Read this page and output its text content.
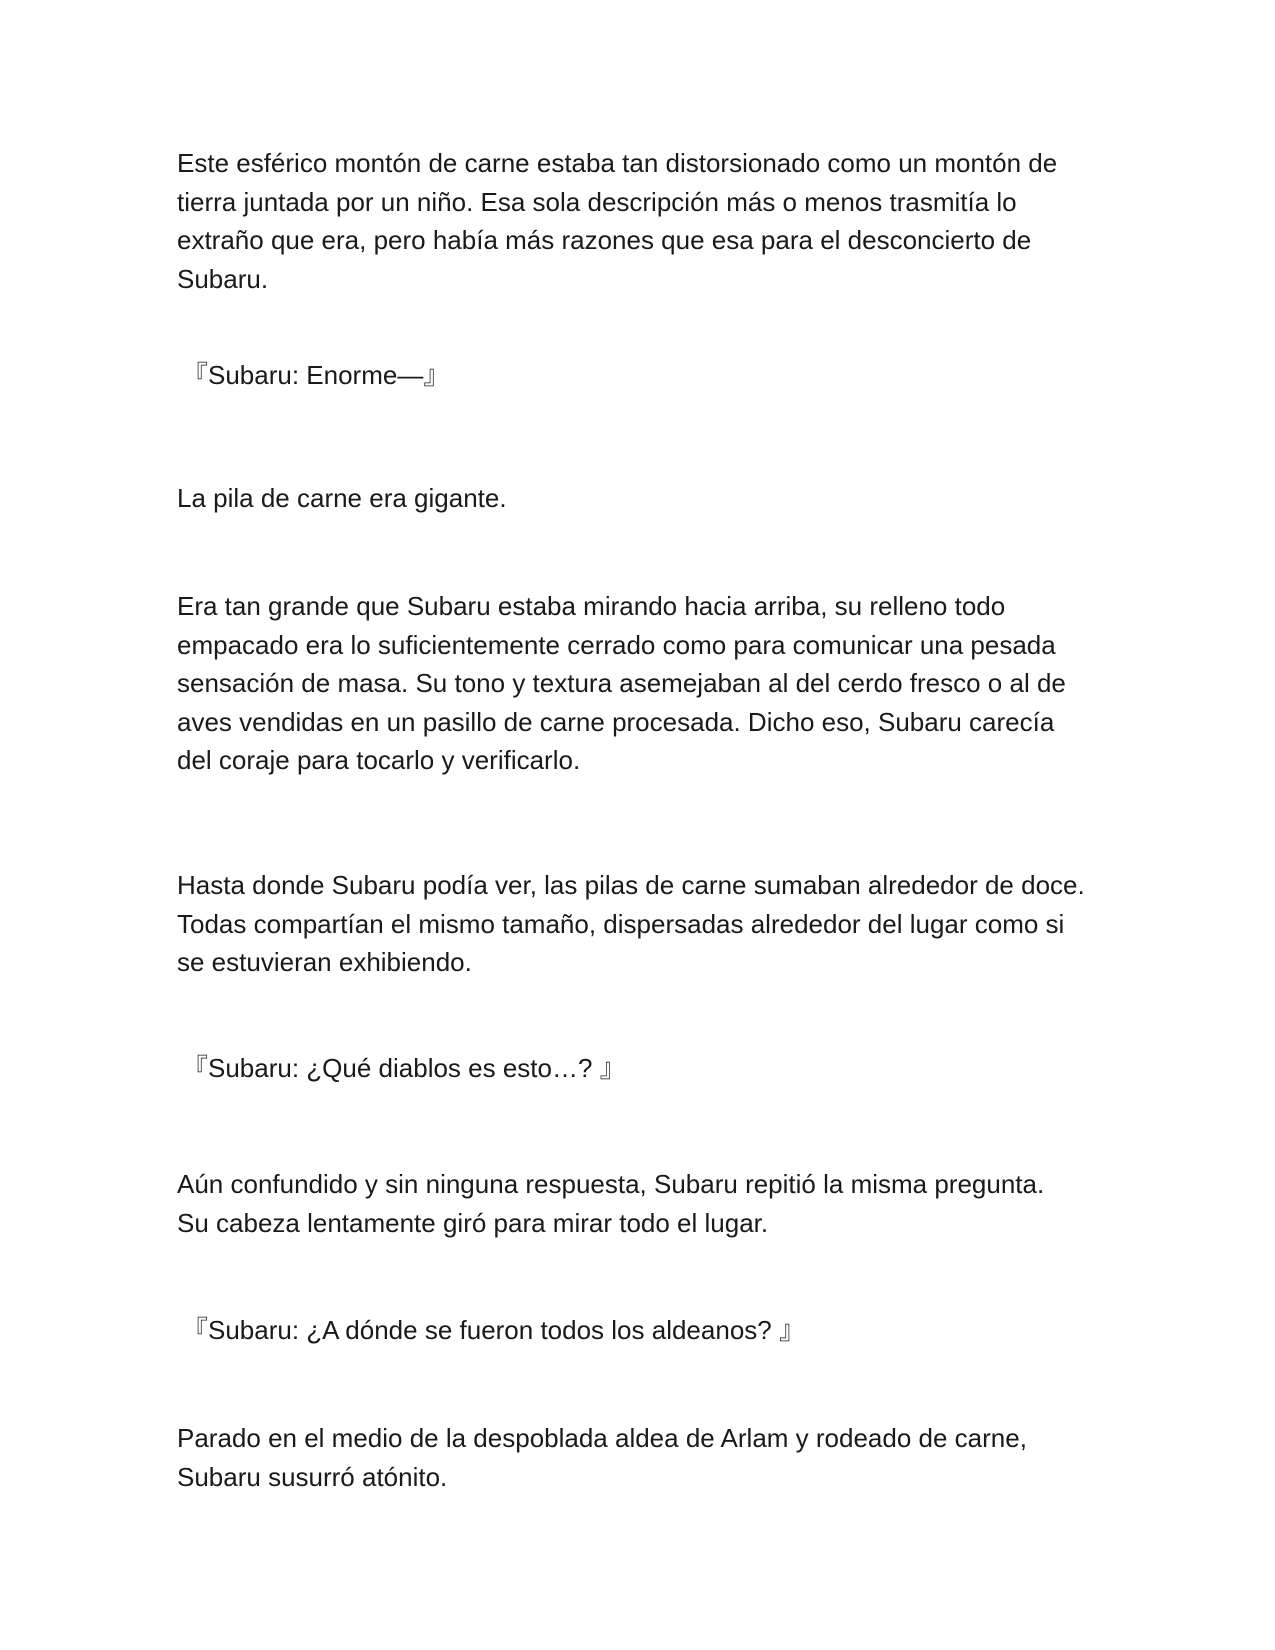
Este esférico montón de carne estaba tan distorsionado como un montón de
tierra juntada por un niño. Esa sola descripción más o menos trasmitía lo
extraño que era, pero había más razones que esa para el desconcierto de
Subaru.

『Subaru: Enorme—』

La pila de carne era gigante.

Era tan grande que Subaru estaba mirando hacia arriba, su relleno todo
empacado era lo suficientemente cerrado como para comunicar una pesada
sensación de masa. Su tono y textura asemejaban al del cerdo fresco o al de
aves vendidas en un pasillo de carne procesada. Dicho eso, Subaru carecía
del coraje para tocarlo y verificarlo.

Hasta donde Subaru podía ver, las pilas de carne sumaban alrededor de doce.
Todas compartían el mismo tamaño, dispersadas alrededor del lugar como si
se estuvieran exhibiendo.

『Subaru: ¿Qué diablos es esto…? 』

Aún confundido y sin ninguna respuesta, Subaru repitió la misma pregunta.
Su cabeza lentamente giró para mirar todo el lugar.

『Subaru: ¿A dónde se fueron todos los aldeanos? 』

Parado en el medio de la despoblada aldea de Arlam y rodeado de carne,
Subaru susurró atónito.
